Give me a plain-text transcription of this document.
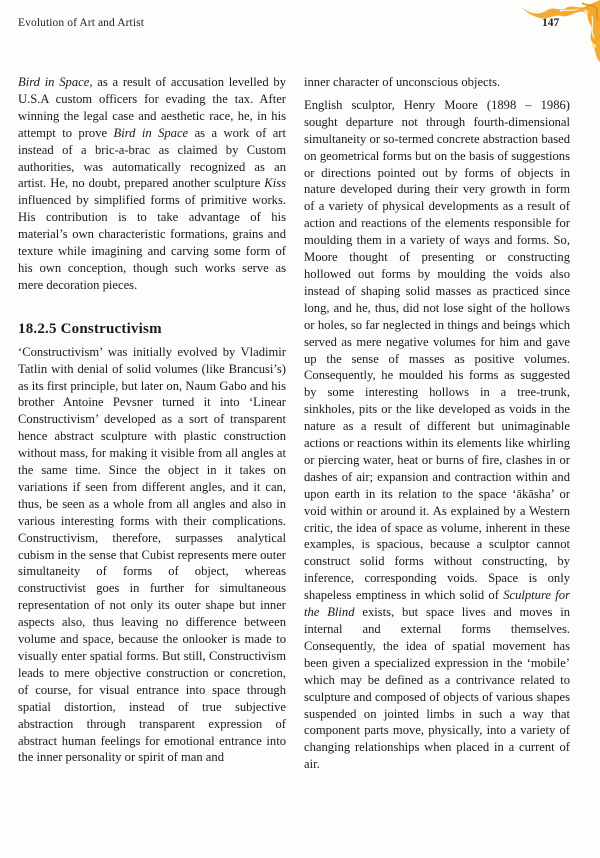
Evolution of Art and Artist	147

Bird in Space, as a result of accusation levelled by U.S.A custom officers for evading the tax. After winning the legal case and aesthetic race, he, in his attempt to prove Bird in Space as a work of art instead of a bric-a-brac as claimed by Custom authorities, was automatically recognized as an artist. He, no doubt, prepared another sculpture Kiss influenced by simplified forms of primitive works. His contribution is to take advantage of his material’s own characteristic formations, grains and texture while imagining and carving some form of his own conception, though such works serve as mere decoration pieces.

18.2.5 Constructivism

‘Constructivism’ was initially evolved by Vladimir Tatlin with denial of solid volumes (like Brancusi’s) as its first principle, but later on, Naum Gabo and his brother Antoine Pevsner turned it into ‘Linear Constructivism’ developed as a sort of transparent hence abstract sculpture with plastic construction without mass, for making it visible from all angles at the same time. Since the object in it takes on variations if seen from different angles, and it can, thus, be seen as a whole from all angles and also in various interesting forms with their complications. Constructivism, therefore, surpasses analytical cubism in the sense that Cubist represents mere outer simultaneity of forms of object, whereas constructivist goes in further for simultaneous representation of not only its outer shape but inner aspects also, thus leaving no difference between volume and space, because the onlooker is made to visually enter spatial forms. But still, Constructivism leads to mere objective construction or concretion, of course, for visual entrance into space through spatial distortion, instead of true subjective abstraction through transparent expression of abstract human feelings for emotional entrance into the inner personality or spirit of man and

inner character of unconscious objects.

English sculptor, Henry Moore (1898 – 1986) sought departure not through fourth-dimensional simultaneity or so-termed concrete abstraction based on geometrical forms but on the basis of suggestions or directions pointed out by forms of objects in nature developed during their very growth in form of a variety of physical developments as a result of action and reactions of the elements responsible for moulding them in a variety of ways and forms. So, Moore thought of presenting or constructing hollowed out forms by moulding the voids also instead of shaping solid masses as practiced since long, and he, thus, did not lose sight of the hollows or holes, so far neglected in things and beings which served as mere negative volumes for him and gave up the sense of masses as positive volumes. Consequently, he moulded his forms as suggested by some interesting hollows in a tree-trunk, sinkholes, pits or the like developed as voids in the nature as a result of different but unimaginable actions or reactions within its elements like whirling or piercing water, heat or burns of fire, clashes in or dashes of air; expansion and contraction within and upon earth in its relation to the space ‘ākāsha’ or void within or around it. As explained by a Western critic, the idea of space as volume, inherent in these examples, is spacious, because a sculptor cannot construct solid forms without constructing, by inference, corresponding voids. Space is only shapeless emptiness in which solid of Sculpture for the Blind exists, but space lives and moves in internal and external forms themselves. Consequently, the idea of spatial movement has been given a specialized expression in the ‘mobile’ which may be defined as a contrivance related to sculpture and composed of objects of various shapes suspended on jointed limbs in such a way that component parts move, physically, into a variety of changing relationships when placed in a current of air.
